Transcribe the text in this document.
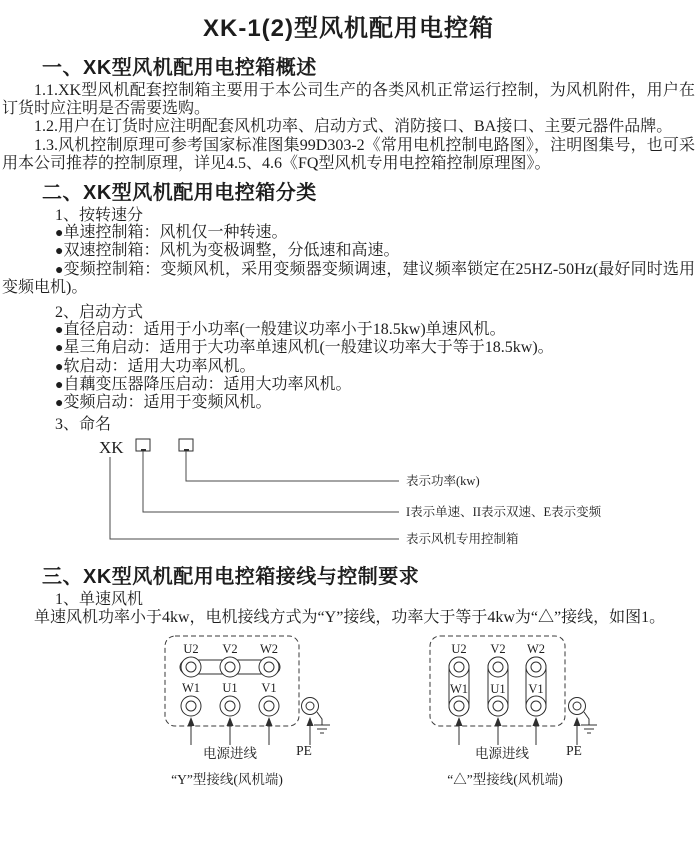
XK-1(2)型风机配用电控箱
一、XK型风机配用电控箱概述

1.1.XK型风机配套控制箱主要用于本公司生产的各类风机正常运行控制，为风机附件，用户在订货时应注明是否需要选购。

1.2.用户在订货时应注明配套风机功率、启动方式、消防接口、BA接口、主要元器件品牌。

1.3.风机控制原理可参考国家标准图集99D303-2《常用电机控制电路图》，注明图集号，也可采用本公司推荐的控制原理，详见4.5、4.6《FQ型风机专用电控箱控制原理图》。

二、XK型风机配用电控箱分类

1、按转速分

●单速控制箱：风机仅一种转速。

●双速控制箱：风机为变极调整，分低速和高速。

●变频控制箱：变频风机，采用变频器变频调速，建议频率锁定在25HZ-50Hz(最好同时选用变频电机)。

2、启动方式

●直径启动：适用于小功率(一般建议功率小于18.5kw)单速风机。

●星三角启动：适用于大功率单速风机(一般建议功率大于等于18.5kw)。

●软启动：适用大功率风机。

●自藕变压器降压启动：适用大功率风机。

●变频启动：适用于变频风机。

3、命名

XK
表示功率(kw)
I表示单速、II表示双速、E表示变频
表示风机专用控制箱
三、XK型风机配用电控箱接线与控制要求

1、单速风机

单速风机功率小于4kw，电机接线方式为“Y”接线，功率大于等于4kw为“△”接线，如图1。

U2 V2 W2
W1 U1 V1
电源进线	PE
“Y”型接线(风机端)
U2 V2 W2
W1 U1 V1
电源进线	PE
“△”型接线(风机端)
